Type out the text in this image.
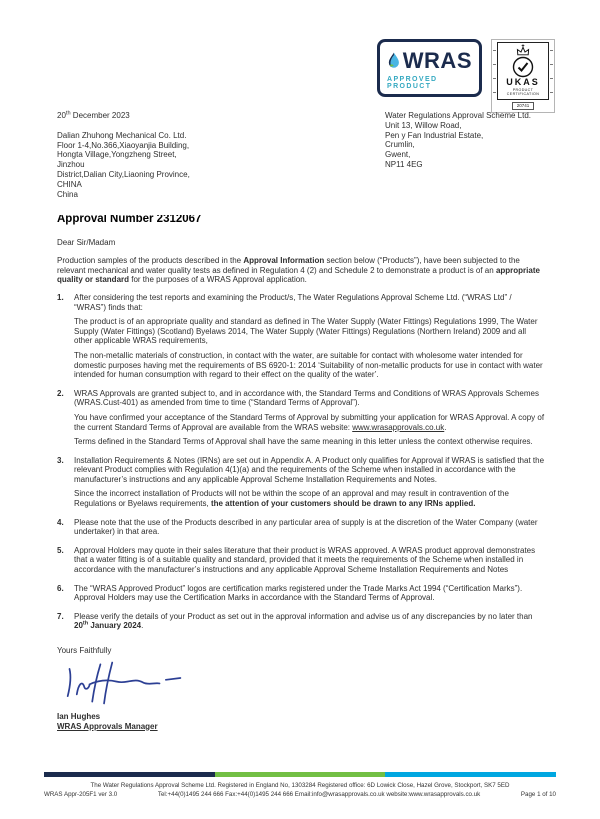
WRAS
APPROVED PRODUCT	UKAS
PRODUCT CERTIFICATION
20741
20th December 2023
Dalian Zhuhong Mechanical Co. Ltd.
Floor 1-4,No.366,Xiaoyanjia Building,
Hongta Village,Yongzheng Street,
Jinzhou
District,Dalian City,Liaoning Province,
CHINA
China
Water Regulations Approval Scheme Ltd.
Unit 13, Willow Road,
Pen y Fan Industrial Estate,
Crumlin,
Gwent,
NP11 4EG
Approval Number 2312067
Dear Sir/Madam

Production samples of the products described in the Approval Information section below (“Products”), have been subjected to the relevant mechanical and water quality tests as defined in Regulation 4 (2) and Schedule 2 to demonstrate a product is of an appropriate quality or standard for the purposes of a WRAS Approval application.

1.	After considering the test reports and examining the Product/s, The Water Regulations Approval Scheme Ltd. (“WRAS Ltd” / “WRAS”) finds that:

The product is of an appropriate quality and standard as defined in The Water Supply (Water Fittings) Regulations 1999, The Water Supply (Water Fittings) (Scotland) Byelaws 2014, The Water Supply (Water Fittings) Regulations (Northern Ireland) 2009 and all other applicable WRAS requirements,

The non-metallic materials of construction, in contact with the water, are suitable for contact with wholesome water intended for domestic purposes having met the requirements of BS 6920-1: 2014 ‘Suitability of non-metallic products for use in contact with water intended for human consumption with regard to their effect on the quality of the water’.

2.	WRAS Approvals are granted subject to, and in accordance with, the Standard Terms and Conditions of WRAS Approvals Schemes (WRAS.Cust-401) as amended from time to time (“Standard Terms of Approval”).

You have confirmed your acceptance of the Standard Terms of Approval by submitting your application for WRAS Approval. A copy of the current Standard Terms of Approval are available from the WRAS website: www.wrasapprovals.co.uk.

Terms defined in the Standard Terms of Approval shall have the same meaning in this letter unless the context otherwise requires.

3.	Installation Requirements & Notes (IRNs) are set out in Appendix A. A Product only qualifies for Approval if WRAS is satisfied that the relevant Product complies with Regulation 4(1)(a) and the requirements of the Scheme when installed in accordance with the manufacturer’s instructions and any applicable Approval Scheme Installation Requirements and Notes.

Since the incorrect installation of Products will not be within the scope of an approval and may result in contravention of the Regulations or Byelaws requirements, the attention of your customers should be drawn to any IRNs applied.

4.	Please note that the use of the Products described in any particular area of supply is at the discretion of the Water Company (water undertaker) in that area.

5.	Approval Holders may quote in their sales literature that their product is WRAS approved. A WRAS product approval demonstrates that a water fitting is of a suitable quality and standard, provided that it meets the requirements of the Scheme when installed in accordance with the manufacturer’s instructions and any applicable Approval Scheme Installation Requirements and Notes

6.	The “WRAS Approved Product” logos are certification marks registered under the Trade Marks Act 1994 (“Certification Marks”). Approval Holders may use the Certification Marks in accordance with the Standard Terms of Approval.

7.	Please verify the details of your Product as set out in the approval information and advise us of any discrepancies by no later than 20th January 2024.

Yours Faithfully
Ian Hughes
WRAS Approvals Manager
The Water Regulations Approval Scheme Ltd. Registered in England No, 1303284 Registered office: 6D Lowick Close, Hazel Grove, Stockport, SK7 5ED
WRAS Appr-205F1 ver 3.0	Tel:+44(0)1495 244 666 Fax:+44(0)1495 244 666 Email:info@wrasapprovals.co.uk website:www.wrasapprovals.co.uk	Page 1 of 10
